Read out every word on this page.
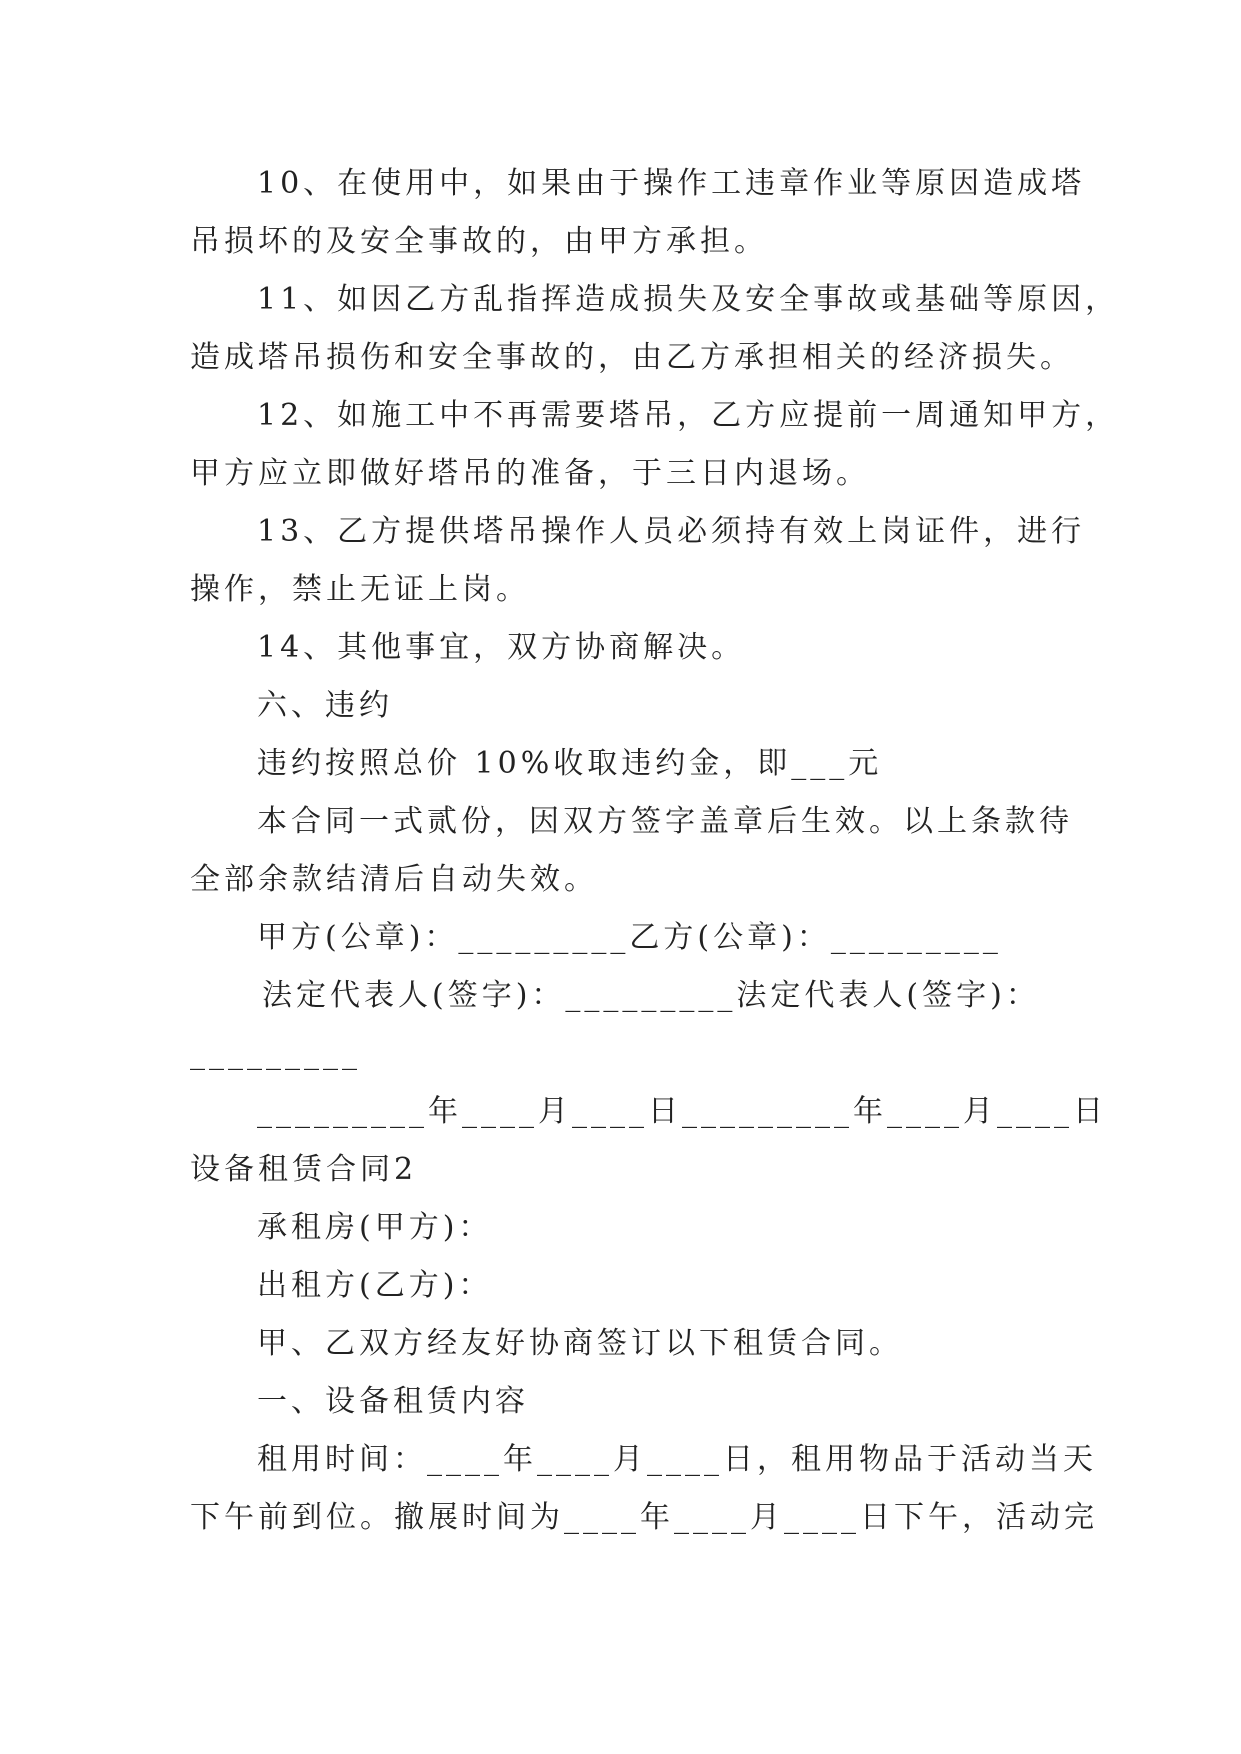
10、在使用中，如果由于操作工违章作业等原因造成塔
吊损坏的及安全事故的，由甲方承担。
11、如因乙方乱指挥造成损失及安全事故或基础等原因，
造成塔吊损伤和安全事故的，由乙方承担相关的经济损失。
12、如施工中不再需要塔吊，乙方应提前一周通知甲方，
甲方应立即做好塔吊的准备，于三日内退场。
13、乙方提供塔吊操作人员必须持有效上岗证件，进行
操作，禁止无证上岗。
14、其他事宜，双方协商解决。
六、违约
违约按照总价 10%收取违约金，即___元
本合同一式贰份，因双方签字盖章后生效。以上条款待
全部余款结清后自动失效。
甲方(公章)：_________乙方(公章)：_________
法定代表人(签字)：_________法定代表人(签字)：
_________
_________年____月____日_________年____月____日
设备租赁合同2
承租房(甲方)：
出租方(乙方)：
甲、乙双方经友好协商签订以下租赁合同。
一、设备租赁内容
租用时间：____年____月____日，租用物品于活动当天
下午前到位。撤展时间为____年____月____日下午，活动完
